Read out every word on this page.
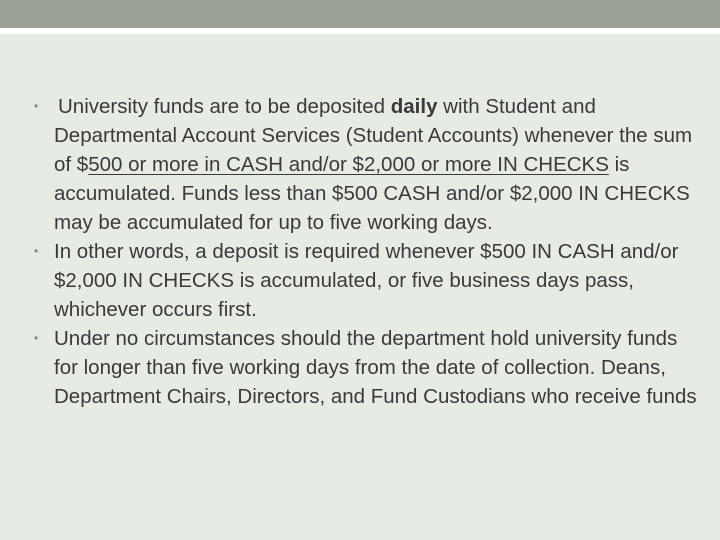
• University funds are to be deposited daily with Student and Departmental Account Services (Student Accounts) whenever the sum of $500 or more in CASH and/or $2,000 or more IN CHECKS is accumulated. Funds less than $500 CASH and/or $2,000 IN CHECKS may be accumulated for up to five working days.

• In other words, a deposit is required whenever $500 IN CASH and/or $2,000 IN CHECKS is accumulated, or five business days pass, whichever occurs first.

• Under no circumstances should the department hold university funds for longer than five working days from the date of collection. Deans, Department Chairs, Directors, and Fund Custodians who receive funds
